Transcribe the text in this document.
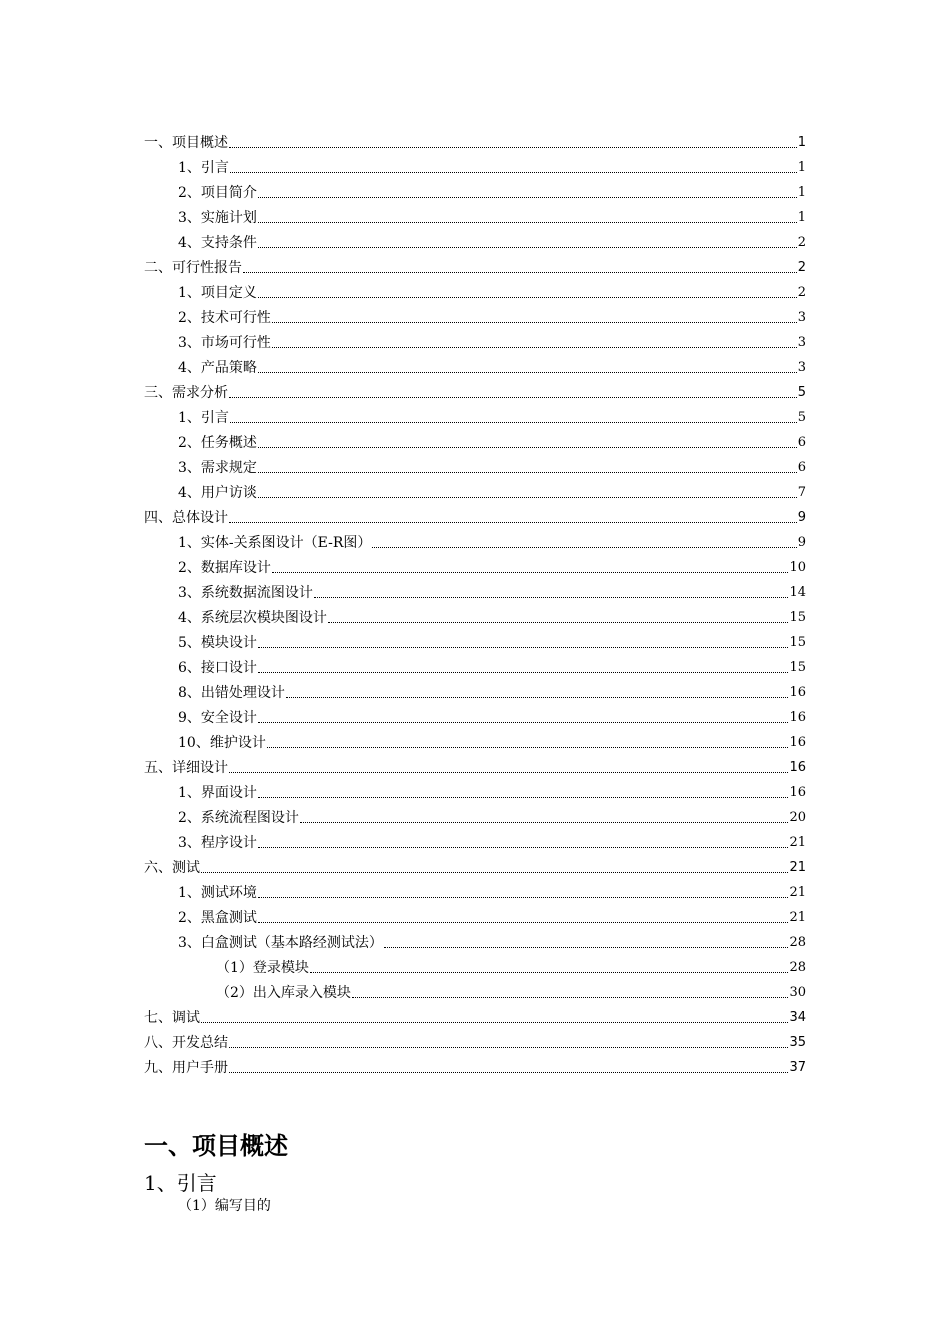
一、项目概述	1
1、引言	1
2、项目简介	1
3、实施计划	1
4、支持条件	2
二、可行性报告	2
1、项目定义	2
2、技术可行性	3
3、市场可行性	3
4、产品策略	3
三、需求分析	5
1、引言	5
2、任务概述	6
3、需求规定	6
4、用户访谈	7
四、总体设计	9
1、实体-关系图设计（E-R图）	9
2、数据库设计	10
3、系统数据流图设计	14
4、系统层次模块图设计	15
5、模块设计	15
6、接口设计	15
8、出错处理设计	16
9、安全设计	16
10、维护设计	16
五、详细设计	16
1、界面设计	16
2、系统流程图设计	20
3、程序设计	21
六、测试	21
1、测试环境	21
2、黑盒测试	21
3、白盒测试（基本路经测试法）	28
（1）登录模块	28
（2）出入库录入模块	30
七、调试	34
八、开发总结	35
九、用户手册	37
一、项目概述
1、引言
（1）编写目的
